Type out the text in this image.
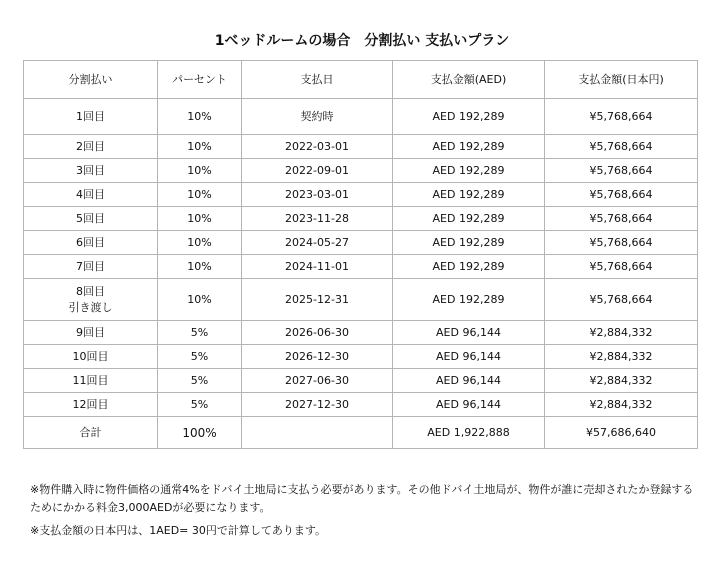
1ベッドルームの場合　分割払い 支払いプラン
分割払い	パーセント	支払日	支払金額(AED)	支払金額(日本円)
1回目	10%	契約時	AED 192,289	¥5,768,664
2回目	10%	2022-03-01	AED 192,289	¥5,768,664
3回目	10%	2022-09-01	AED 192,289	¥5,768,664
4回目	10%	2023-03-01	AED 192,289	¥5,768,664
5回目	10%	2023-11-28	AED 192,289	¥5,768,664
6回目	10%	2024-05-27	AED 192,289	¥5,768,664
7回目	10%	2024-11-01	AED 192,289	¥5,768,664

8回目
引き渡し	10%	2025-12-31	AED 192,289	¥5,768,664
9回目	5%	2026-06-30	AED 96,144	¥2,884,332
10回目	5%	2026-12-30	AED 96,144	¥2,884,332
11回目	5%	2027-06-30	AED 96,144	¥2,884,332
12回目	5%	2027-12-30	AED 96,144	¥2,884,332
合計	100%		AED 1,922,888	¥57,686,640

※物件購入時に物件価格の通常4%をドバイ土地局に支払う必要があります。その他ドバイ土地局が、物件が誰に売却されたか登録するためにかかる料金3,000AEDが必要になります。

※支払金額の日本円は、1AED= 30円で計算してあります。
